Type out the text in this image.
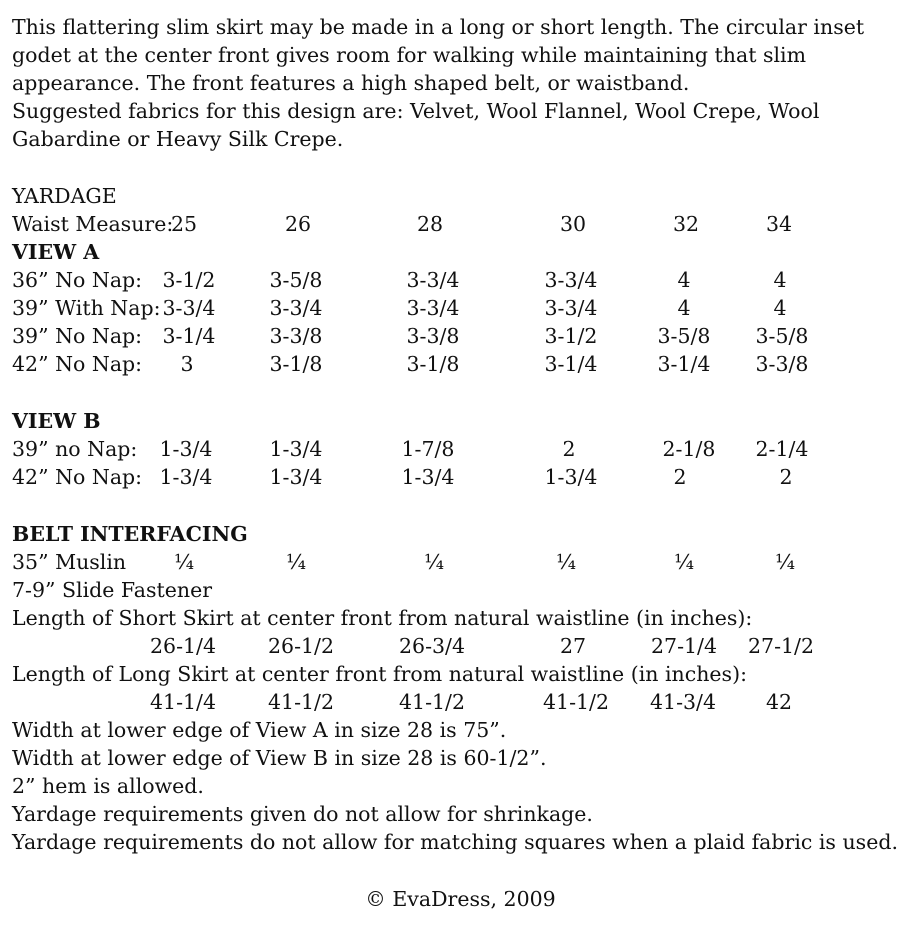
This flattering slim skirt may be made in a long or short length. The circular inset godet at the center front gives room for walking while maintaining that slim appearance. The front features a high shaped belt, or waistband.

Suggested fabrics for this design are: Velvet, Wool Flannel, Wool Crepe, Wool Gabardine or Heavy Silk Crepe.

YARDAGE
Waist Measure:
25	26	28	30	32	34
VIEW A
36” No Nap: 3-1/2	3-5/8	3-3/4	3-3/4	4	4
39” With Nap: 3-3/4	3-3/4	3-3/4	3-3/4	4	4
39” No Nap: 3-1/4	3-3/8	3-3/8	3-1/2	3-5/8	3-5/8
42” No Nap:	3	3-1/8	3-1/8	3-1/4	3-1/4	3-3/8
VIEW B
39” no Nap:	1-3/4	1-3/4	1-7/8	2	2-1/8	2-1/4
42” No Nap: 1-3/4	1-3/4	1-3/4	1-3/4	2	2
BELT INTERFACING
35” Muslin	¼	¼	¼	¼	¼	¼
7-9” Slide Fastener
Length of Short Skirt at center front from natural waistline (in inches):
26-1/4	26-1/2	26-3/4	27	27-1/4	27-1/2
Length of Long Skirt at center front from natural waistline (in inches):
41-1/4	41-1/2	41-1/2	41-1/2	41-3/4	42
Width at lower edge of View A in size 28 is 75”.
Width at lower edge of View B in size 28 is 60-1/2”.
2” hem is allowed.
Yardage requirements given do not allow for shrinkage.
Yardage requirements do not allow for matching squares when a plaid fabric is used.
© EvaDress, 2009
